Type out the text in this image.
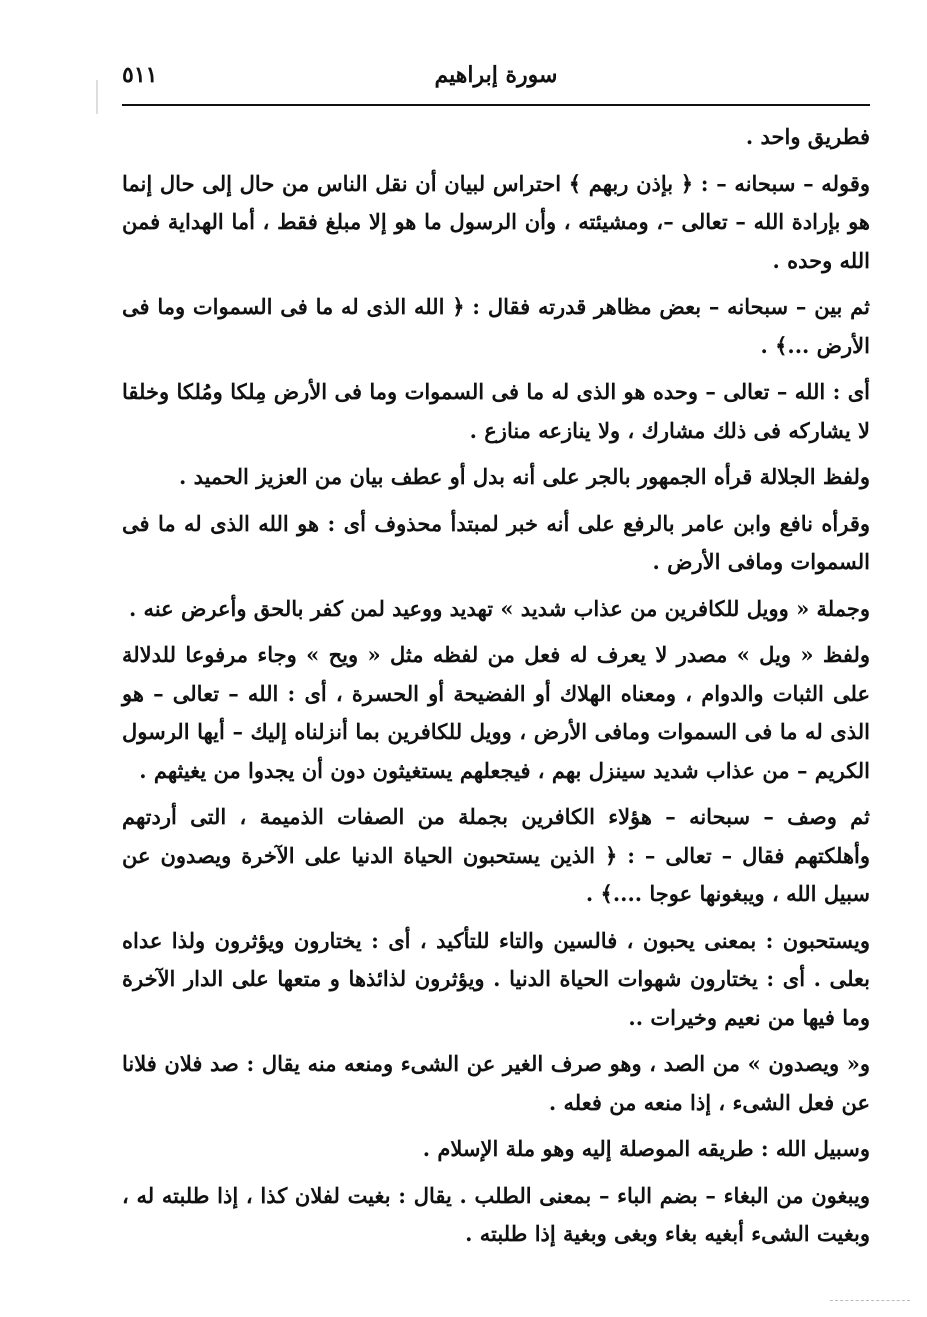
٥١١	سورة إبراهيم

فطريق واحد .

وقوله – سبحانه – : ﴿ بإذن ربهم ﴾ احتراس لبيان أن نقل الناس من حال إلى حال إنما هو بإرادة الله – تعالى –، ومشيئته ، وأن الرسول ما هو إلا مبلغ فقط ، أما الهداية فمن الله وحده .

ثم بين – سبحانه – بعض مظاهر قدرته فقال : ﴿ الله الذى له ما فى السموات وما فى الأرض ...﴾ .

أى : الله – تعالى – وحده هو الذى له ما فى السموات وما فى الأرض مِلكا ومُلكا وخلقا لا يشاركه فى ذلك مشارك ، ولا ينازعه منازع .

ولفظ الجلالة قرأه الجمهور بالجر على أنه بدل أو عطف بيان من العزيز الحميد .

وقرأه نافع وابن عامر بالرفع على أنه خبر لمبتدأ محذوف أى : هو الله الذى له ما فى السموات ومافى الأرض .

وجملة « وويل للكافرين من عذاب شديد » تهديد ووعيد لمن كفر بالحق وأعرض عنه .

ولفظ « ويل » مصدر لا يعرف له فعل من لفظه مثل « ويح » وجاء مرفوعا للدلالة على الثبات والدوام ، ومعناه الهلاك أو الفضيحة أو الحسرة ، أى : الله – تعالى – هو الذى له ما فى السموات ومافى الأرض ، وويل للكافرين بما أنزلناه إليك – أيها الرسول الكريم – من عذاب شديد سينزل بهم ، فيجعلهم يستغيثون دون أن يجدوا من يغيثهم .

ثم وصف – سبحانه – هؤلاء الكافرين بجملة من الصفات الذميمة ، التى أردتهم وأهلكتهم فقال – تعالى – : ﴿ الذين يستحبون الحياة الدنيا على الآخرة ويصدون عن سبيل الله ، ويبغونها عوجا ....﴾ .

ويستحبون : بمعنى يحبون ، فالسين والتاء للتأكيد ، أى : يختارون ويؤثرون ولذا عداه بعلى . أى : يختارون شهوات الحياة الدنيا . ويؤثرون لذائذها و متعها على الدار الآخرة وما فيها من نعيم وخيرات ..

و« ويصدون » من الصد ، وهو صرف الغير عن الشىء ومنعه منه يقال : صد فلان فلانا عن فعل الشىء ، إذا منعه من فعله .

وسبيل الله : طريقه الموصلة إليه وهو ملة الإسلام .

ويبغون من البغاء – بضم الباء – بمعنى الطلب . يقال : بغيت لفلان كذا ، إذا طلبته له ، وبغيت الشىء أبغيه بغاء وبغى وبغية إذا طلبته .
